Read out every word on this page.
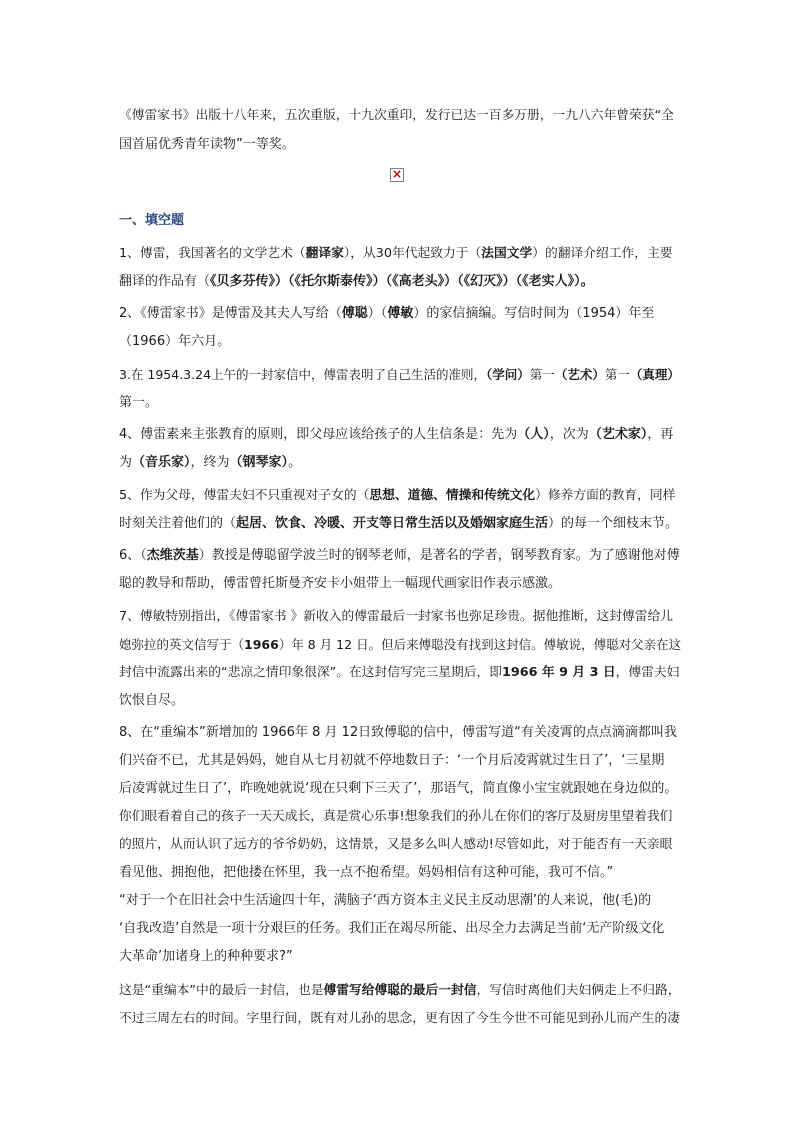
《傅雷家书》出版十八年来，五次重版，十九次重印，发行已达一百多万册，一九八六年曾荣获“全
国首届优秀青年读物”一等奖。
×
一、填空题
1、傅雷，我国著名的文学艺术（翻译家），从30年代起致力于（法国文学）的翻译介绍工作，主要
翻译的作品有（《贝多芬传》）（《托尔斯泰传》）（《高老头》）（《幻灭》）（《老实人》）。
2、《傅雷家书》是傅雷及其夫人写给（傅聪）（傅敏）的家信摘编。写信时间为（1954）年至
（1966）年六月。
3.在 1954.3.24上午的一封家信中，傅雷表明了自己生活的准则，（学问）第一（艺术）第一（真理）
第一。
4、傅雷素来主张教育的原则，即父母应该给孩子的人生信条是：先为（人），次为（艺术家），再
为（音乐家），终为（钢琴家）。
5、作为父母，傅雷夫妇不只重视对子女的（思想、道德、情操和传统文化）修养方面的教育，同样
时刻关注着他们的（起居、饮食、冷暖、开支等日常生活以及婚姻家庭生活）的每一个细枝末节。
6、（杰维茨基）教授是傅聪留学波兰时的钢琴老师，是著名的学者，钢琴教育家。为了感谢他对傅
聪的教导和帮助，傅雷曾托斯曼齐安卡小姐带上一幅现代画家旧作表示感激。
7、傅敏特别指出，《傅雷家书 》新收入的傅雷最后一封家书也弥足珍贵。据他推断，这封傅雷给儿
媳弥拉的英文信写于（1966）年 8 月 12 日。但后来傅聪没有找到这封信。傅敏说，傅聪对父亲在这
封信中流露出来的“悲凉之情印象很深”。在这封信写完三星期后，即1966 年 9 月 3 日，傅雷夫妇
饮恨自尽。
8、在“重编本”新增加的 1966年 8 月 12日致傅聪的信中，傅雷写道“有关凌霄的点点滴滴都叫我
们兴奋不已，尤其是妈妈，她自从七月初就不停地数日子：‘一个月后凌霄就过生日了’，‘三星期
后凌霄就过生日了’，昨晚她就说‘现在只剩下三天了’，那语气，简直像小宝宝就跟她在身边似的。
你们眼看着自己的孩子一天天成长，真是赏心乐事!想象我们的孙儿在你们的客厅及厨房里望着我们
的照片，从而认识了远方的爷爷奶奶，这情景，又是多么叫人感动!尽管如此，对于能否有一天亲眼
看见他、拥抱他，把他搂在怀里，我一点不抱希望。妈妈相信有这种可能，我可不信。”
“对于一个在旧社会中生活逾四十年，满脑子‘西方资本主义民主反动思潮’的人来说，他(毛)的
‘自我改造’自然是一项十分艰巨的任务。我们正在竭尽所能、出尽全力去满足当前‘无产阶级文化
大革命’加诸身上的种种要求?”
这是“重编本”中的最后一封信，也是傅雷写给傅聪的最后一封信，写信时离他们夫妇俩走上不归路，
不过三周左右的时间。字里行间，既有对儿孙的思念，更有因了今生今世不可能见到孙儿而产生的凄
